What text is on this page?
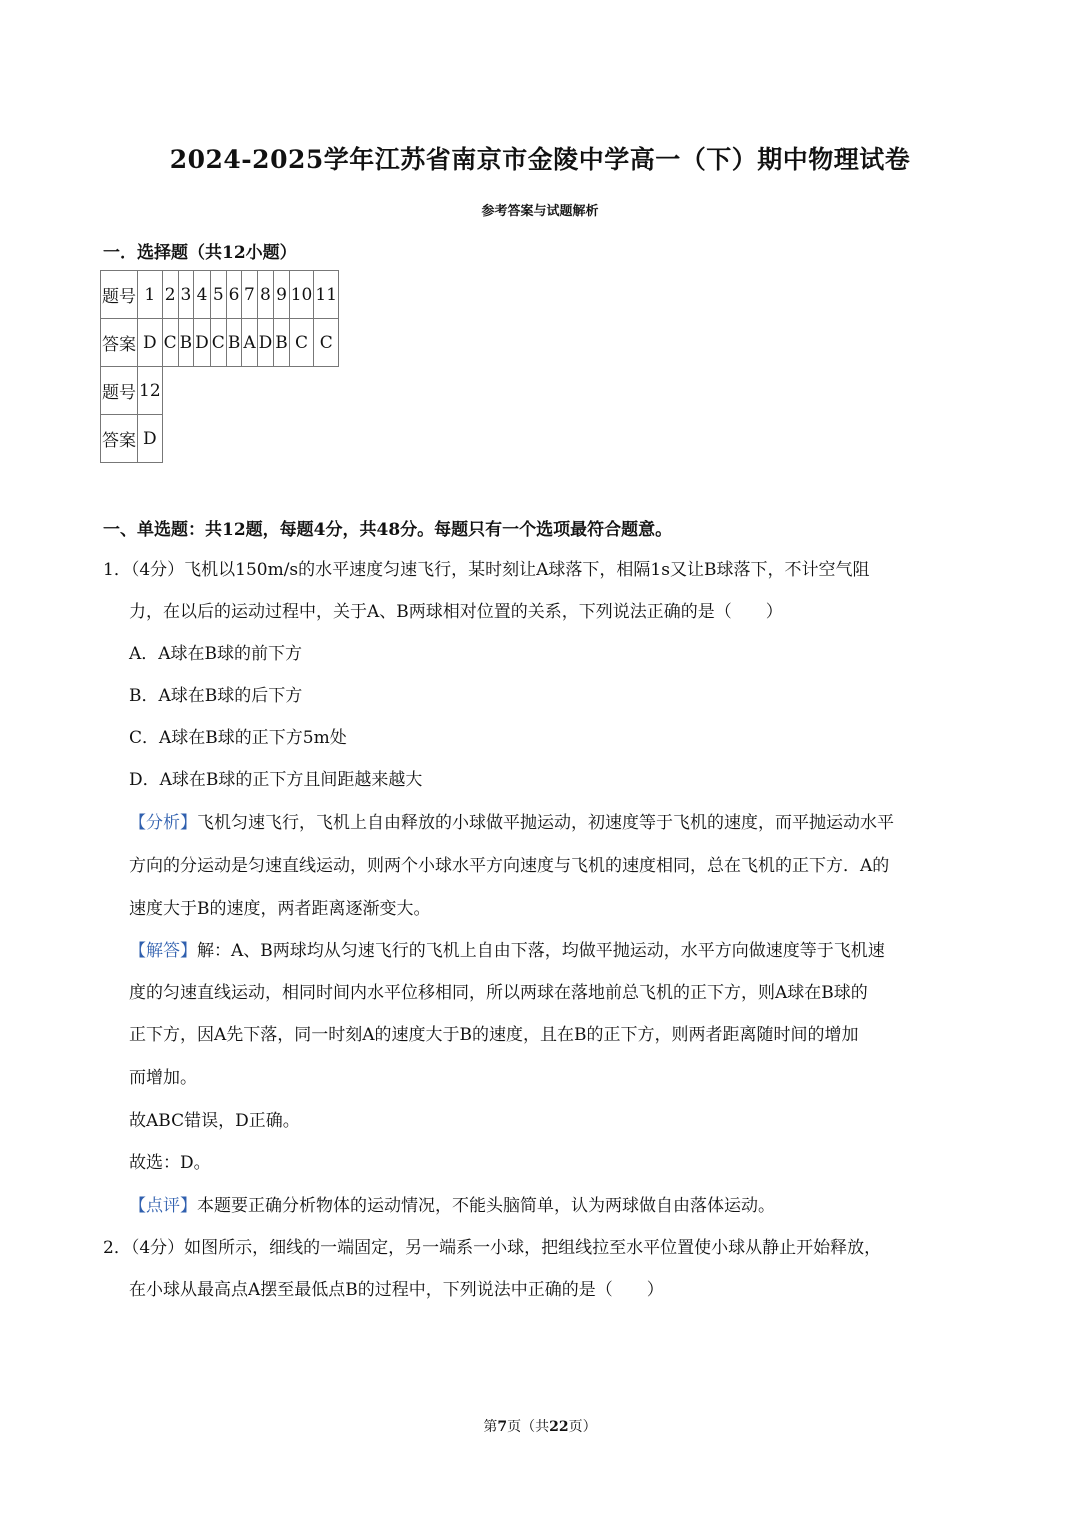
2024-2025学年江苏省南京市金陵中学高一（下）期中物理试卷
参考答案与试题解析
一．选择题（共12小题）
题号	1	2	3	4	5	6	7	8	9	10	11
答案	D	C	B	D	C	B	A	D	B	C	C
题号	12										
答案	D										
一、单选题：共12题，每题4分，共48分。每题只有一个选项最符合题意。
1．（4分）飞机以150m/s的水平速度匀速飞行，某时刻让A球落下，相隔1s又让B球落下，不计空气阻
力，在以后的运动过程中，关于A、B两球相对位置的关系，下列说法正确的是（　　）
A．A球在B球的前下方
B．A球在B球的后下方
C．A球在B球的正下方5m处
D．A球在B球的正下方且间距越来越大
【分析】飞机匀速飞行，飞机上自由释放的小球做平抛运动，初速度等于飞机的速度，而平抛运动水平
方向的分运动是匀速直线运动，则两个小球水平方向速度与飞机的速度相同，总在飞机的正下方．A的
速度大于B的速度，两者距离逐渐变大。
【解答】解：A、B两球均从匀速飞行的飞机上自由下落，均做平抛运动，水平方向做速度等于飞机速
度的匀速直线运动，相同时间内水平位移相同，所以两球在落地前总飞机的正下方，则A球在B球的
正下方，因A先下落，同一时刻A的速度大于B的速度，且在B的正下方，则两者距离随时间的增加
而增加。
故ABC错误，D正确。
故选：D。
【点评】本题要正确分析物体的运动情况，不能头脑简单，认为两球做自由落体运动。
2．（4分）如图所示，细线的一端固定，另一端系一小球，把组线拉至水平位置使小球从静止开始释放，
在小球从最高点A摆至最低点B的过程中，下列说法中正确的是（　　）
第7页（共22页）
